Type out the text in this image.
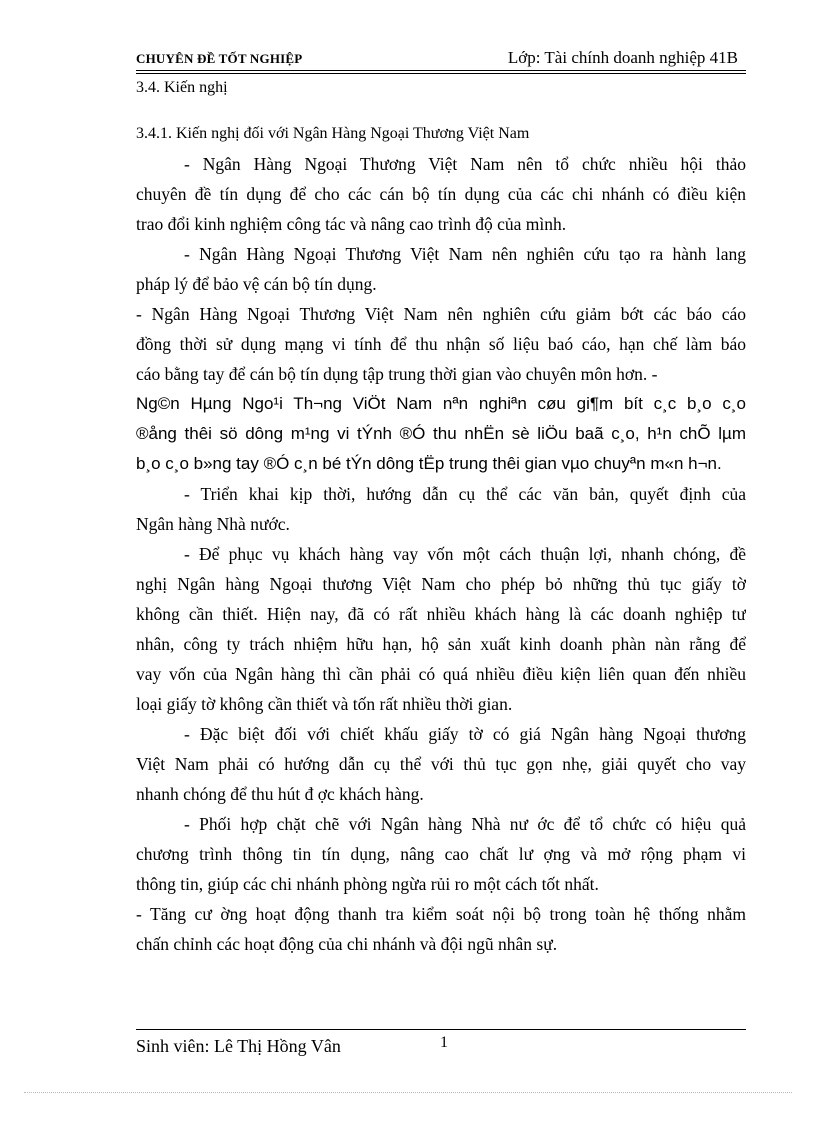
CHUYÊN ĐỀ TỐT NGHIỆP	Lớp: Tài chính doanh nghiệp 41B
3.4. Kiến nghị
3.4.1. Kiến nghị đối với Ngân Hàng Ngoại Thương Việt Nam
- Ngân Hàng Ngoại Thương Việt Nam nên tổ chức nhiều hội thảo
chuyên đề tín dụng để cho các cán bộ tín dụng của các chi nhánh có điều kiện
trao đổi kinh nghiệm công tác và nâng cao trình độ của mình.
- Ngân Hàng Ngoại Thương Việt Nam nên nghiên cứu tạo ra hành lang
pháp lý để bảo vệ cán bộ tín dụng.
- Ngân Hàng Ngoại Thương Việt Nam nên nghiên cứu giảm bớt các báo cáo
đồng thời sử dụng mạng vi tính để thu nhận số liệu baó cáo, hạn chế làm báo
cáo bằng tay để cán bộ tín dụng tập trung thời gian vào chuyên môn hơn. -
Ng©n Hµng Ngo¹i Th¬ng ViÖt Nam nªn nghiªn cøu gi¶m bít c¸c b¸o c¸o
®ång thêi sö dông m¹ng vi tÝnh ®Ó thu nhËn sè liÖu baã c¸o, h¹n chÕ lµm
b¸o c¸o b»ng tay ®Ó c¸n bé tÝn dông tËp trung thêi gian vµo chuyªn m«n h¬n.
- Triển khai kịp thời, hướng dẫn cụ thể các văn bản, quyết định của
Ngân hàng Nhà nước.
- Để phục vụ khách hàng vay vốn một cách thuận lợi, nhanh chóng, đề
nghị Ngân hàng Ngoại thương Việt Nam cho phép bỏ những thủ tục giấy tờ
không cần thiết. Hiện nay, đã có rất nhiều khách hàng là các doanh nghiệp tư
nhân, công ty trách nhiệm hữu hạn, hộ sản xuất kinh doanh phàn nàn rằng để
vay vốn của Ngân hàng thì cần phải có quá nhiều điều kiện liên quan đến nhiều
loại giấy tờ không cần thiết và tốn rất nhiều thời gian.
- Đặc biệt đối với chiết khấu giấy tờ có giá Ngân hàng Ngoại thương
Việt Nam phải có hướng dẫn cụ thể với thủ tục gọn nhẹ, giải quyết cho vay
nhanh chóng để thu hút đ ợc khách hàng.
- Phối hợp chặt chẽ với Ngân hàng Nhà nư ớc để tổ chức có hiệu quả
chương trình thông tin tín dụng, nâng cao chất lư ợng và mở rộng phạm vi
thông tin, giúp các chi nhánh phòng ngừa rủi ro một cách tốt nhất.
- Tăng cư ờng hoạt động thanh tra kiểm soát nội bộ trong toàn hệ thống nhằm
chấn chỉnh các hoạt động của chi nhánh và đội ngũ nhân sự.
Sinh viên: Lê Thị Hồng Vân	1
